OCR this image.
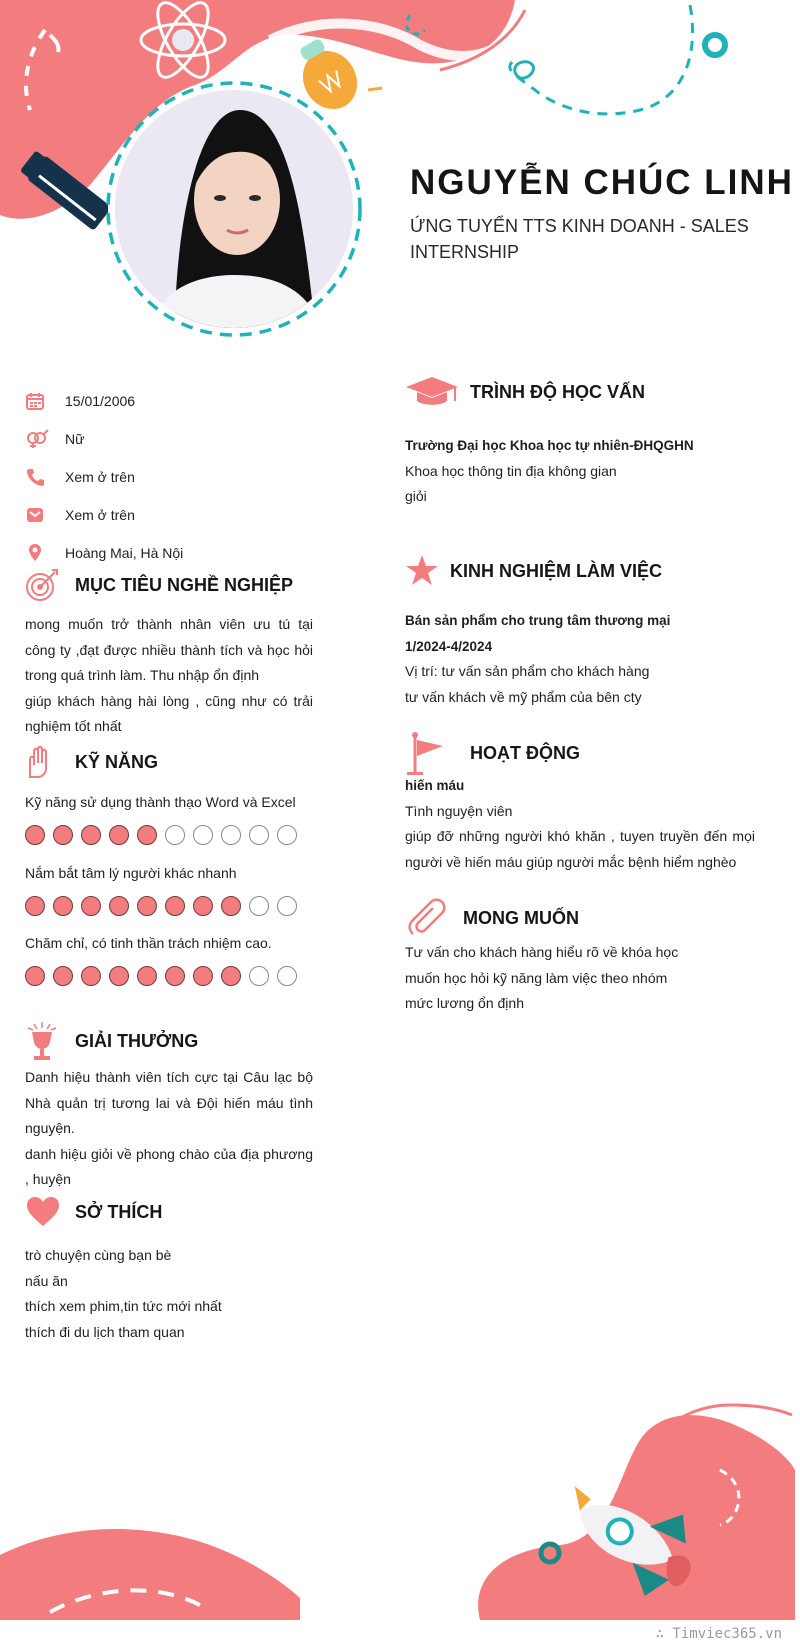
NGUYỄN CHÚC LINH

ỨNG TUYỂN TTS KINH DOANH - SALES INTERNSHIP

15/01/2006
Nữ
Xem ở trên
Xem ở trên
Hoàng Mai, Hà Nội
MỤC TIÊU NGHỀ NGHIỆP

mong muốn trở thành nhân viên ưu tú tại công ty ,đạt được nhiều thành tích và học hỏi trong quá trình làm. Thu nhập ổn định

giúp khách hàng hài lòng , cũng như có trải nghiệm tốt nhất

KỸ NĂNG
Kỹ năng sử dụng thành thạo Word và Excel
Nắm bắt tâm lý người khác nhanh
Chăm chỉ, có tinh thần trách nhiệm cao.
GIẢI THƯỞNG

Danh hiệu thành viên tích cực tại Câu lạc bộ Nhà quản trị tương lai và Đội hiến máu tình nguyện.

danh hiệu giỏi về phong chào của địa phương , huyện

SỞ THÍCH

trò chuyện cùng bạn bè

nấu ăn

thích xem phim,tin tức mới nhất

thích đi du lịch tham quan

TRÌNH ĐỘ HỌC VẤN

Trường Đại học Khoa học tự nhiên-ĐHQGHN

Khoa học thông tin địa không gian

giỏi

KINH NGHIỆM LÀM VIỆC

Bán sản phẩm cho trung tâm thương mại

1/2024-4/2024

Vị trí: tư vấn sản phẩm cho khách hàng

tư vấn khách về mỹ phẩm của bên cty

HOẠT ĐỘNG

hiến máu

Tình nguyện viên

giúp đỡ những người khó khăn , tuyen truyền đến mọi người về hiến máu giúp người mắc bệnh hiểm nghèo

MONG MUỐN

Tư vấn cho khách hàng hiểu rõ về khóa học

muốn học hỏi kỹ năng làm việc theo nhóm

mức lương ổn định

∴ Timviec365.vn
